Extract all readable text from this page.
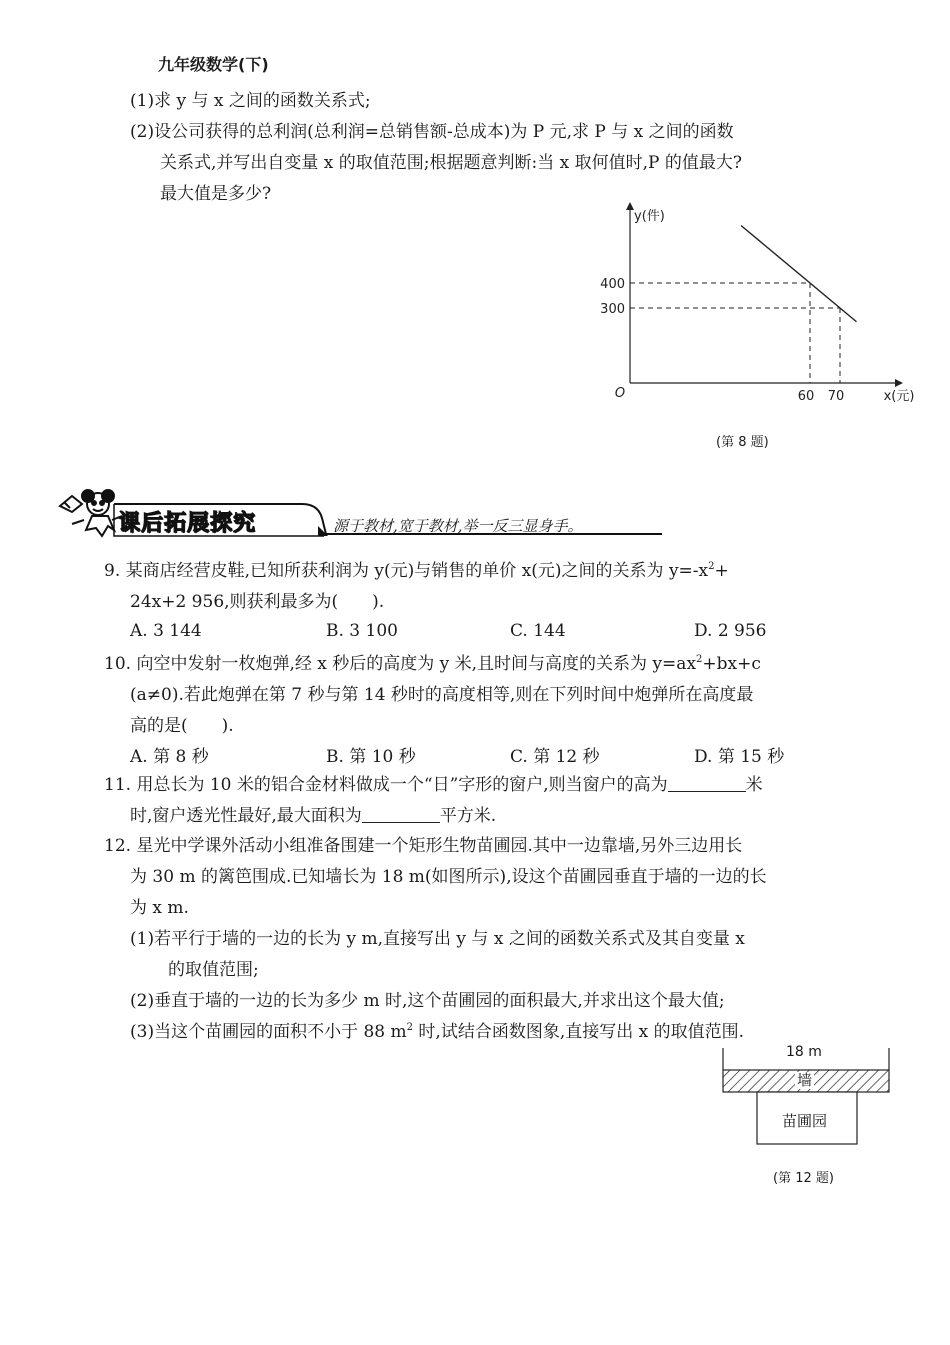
九年级数学(下)
(1)求 y 与 x 之间的函数关系式;
(2)设公司获得的总利润(总利润=总销售额-总成本)为 P 元,求 P 与 x 之间的函数
关系式,并写出自变量 x 的取值范围;根据题意判断:当 x 取何值时,P 的值最大?
最大值是多少?
y(件)
x(元)
O
400
300
60 70
(第 8 题)
课后拓展探究	源于教材,宽于教材,举一反三显身手。
9. 某商店经营皮鞋,已知所获利润为 y(元)与销售的单价 x(元)之间的关系为 $y=-x^2+$
24x+2 956,则获利最多为( ).
A. 3 144	B. 3 100	C. 144	D. 2 956
10. 向空中发射一枚炮弹,经 x 秒后的高度为 y 米,且时间与高度的关系为 $y=ax^2+bx+c$
(a≠0).若此炮弹在第 7 秒与第 14 秒时的高度相等,则在下列时间中炮弹所在高度最
高的是( ).
A. 第 8 秒	B. 第 10 秒	C. 第 12 秒	D. 第 15 秒
11. 用总长为 10 米的铝合金材料做成一个“日”字形的窗户,则当窗户的高为	米
时,窗户透光性最好,最大面积为	平方米.
12. 星光中学课外活动小组准备围建一个矩形生物苗圃园.其中一边靠墙,另外三边用长
为 30 m 的篱笆围成.已知墙长为 18 m(如图所示),设这个苗圃园垂直于墙的一边的长
为 x m.
(1)若平行于墙的一边的长为 y m,直接写出 y 与 x 之间的函数关系式及其自变量 x
的取值范围;
(2)垂直于墙的一边的长为多少 m 时,这个苗圃园的面积最大,并求出这个最大值;
(3)当这个苗圃园的面积不小于 88 $m^2$ 时,试结合函数图象,直接写出 x 的取值范围.
18 m
墙
苗圃园
(第 12 题)
